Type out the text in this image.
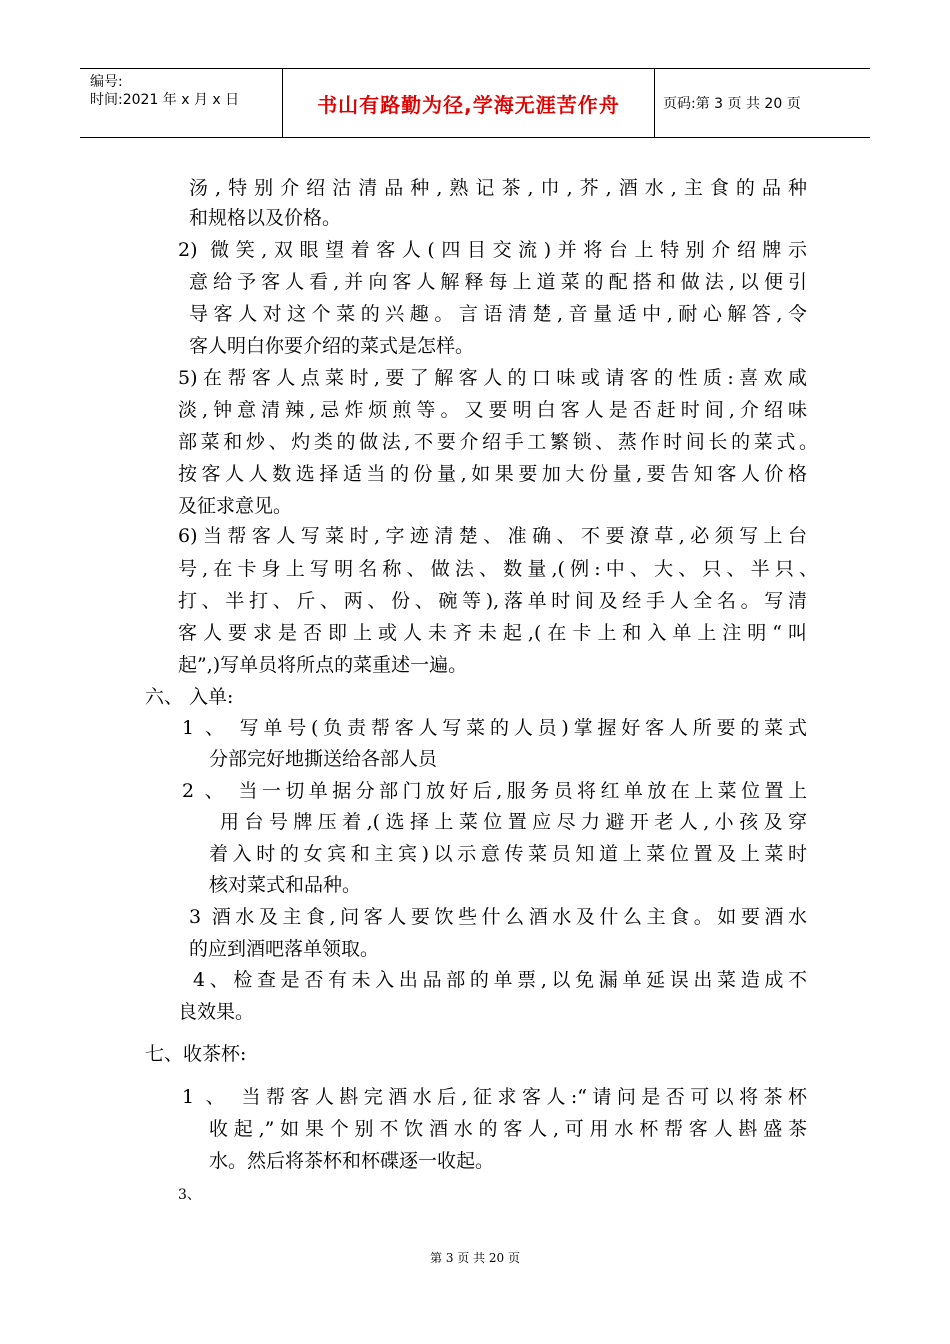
编号:
时间:2021 年 x 月 x 日	书山有路勤为径,学海无涯苦作舟	页码:第 3 页 共 20 页
汤,特别介绍沽清品种,熟记茶,巾,芥,酒水,主食的品种
和规格以及价格。
2) 微笑,双眼望着客人(四目交流)并将台上特别介绍牌示
意给予客人看,并向客人解释每上道菜的配搭和做法,以便引
导客人对这个菜的兴趣。言语清楚,音量适中,耐心解答,令
客人明白你要介绍的菜式是怎样。
5)在帮客人点菜时,要了解客人的口味或请客的性质:喜欢咸
淡,钟意清辣,忌炸烦煎等。又要明白客人是否赶时间,介绍味
部菜和炒、灼类的做法,不要介绍手工繁锁、蒸作时间长的菜式。
按客人人数选择适当的份量,如果要加大份量,要告知客人价格
及征求意见。
6)当帮客人写菜时,字迹清楚、准确、不要潦草,必须写上台
号,在卡身上写明名称、做法、数量,(例:中、大、只、半只、
打、半打、斤、两、份、碗等),落单时间及经手人全名。写清
客人要求是否即上或人未齐未起,(在卡上和入单上注明“叫
起”,)写单员将所点的菜重述一遍。
六、 入单:
1 、 写单号(负责帮客人写菜的人员)掌握好客人所要的菜式
分部完好地撕送给各部人员
2 、 当一切单据分部门放好后,服务员将红单放在上菜位置上
用台号牌压着,(选择上菜位置应尽力避开老人,小孩及穿
着入时的女宾和主宾)以示意传菜员知道上菜位置及上菜时
核对菜式和品种。
3 酒水及主食,问客人要饮些什么酒水及什么主食。如要酒水
的应到酒吧落单领取。
4、检查是否有未入出品部的单票,以免漏单延误出菜造成不
良效果。
七、收茶杯:
1 、 当帮客人斟完酒水后,征求客人:“请问是否可以将茶杯
收起,”如果个别不饮酒水的客人,可用水杯帮客人斟盛茶
水。然后将茶杯和杯碟逐一收起。
3、
第 3 页 共 20 页
